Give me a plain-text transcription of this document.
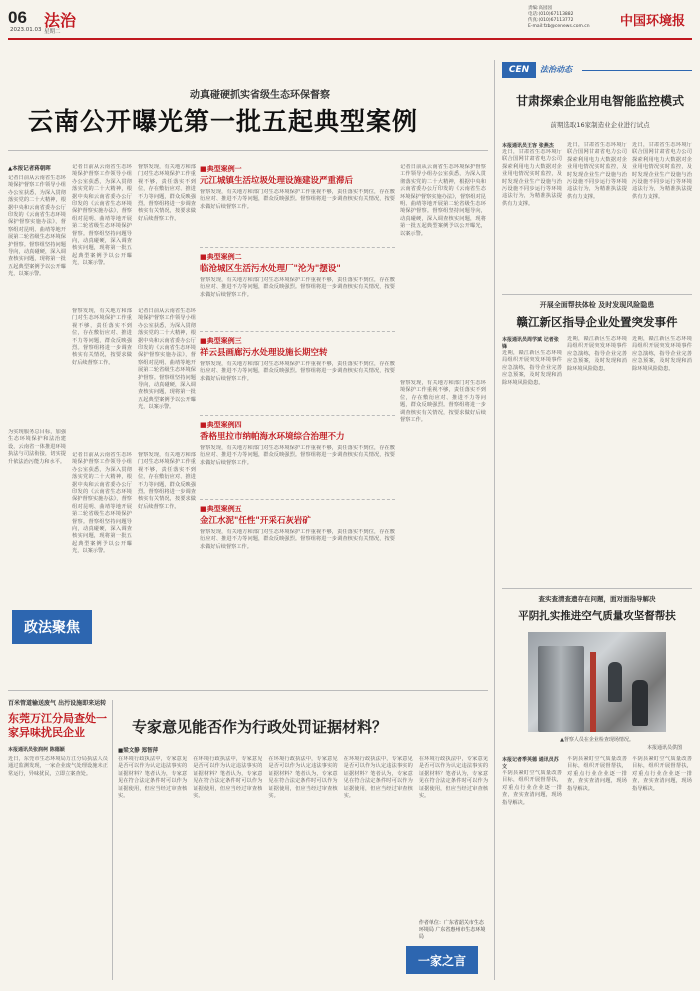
06 法治
2023.01.03 星期二
责编:高园园
电话:(010)67113882
传真:(010)67113772
E-mail:fzb@cenews.com.cn	中国环境报
动真碰硬抓实省级生态环保督察
云南公开曝光第一批五起典型案例
▲本报记者蒋朝晖
记者日前从云南省生态环境保护督察工作领导小组办公室获悉，为深入贯彻落实党的二十大精神，根据中央和云南省委办公厅印发的《云南省生态环境保护督察实施办法》，督察组对昆明、曲靖等地开展第二轮省级生态环境保护督察。督察组坚持问题导向，动真碰硬，深入调查核实问题，现将第一批五起典型案例予以公开曝光，以案示警。
为实现服务总目标，加强生态环境保护和法治建设，云南省一体推进环境执法与司法衔接，切实提升依法治污能力和水平。
记者日前从云南省生态环境保护督察工作领导小组办公室获悉，为深入贯彻落实党的二十大精神，根据中央和云南省委办公厅印发的《云南省生态环境保护督察实施办法》，督察组对昆明、曲靖等地开展第二轮省级生态环境保护督察。督察组坚持问题导向，动真碰硬，深入调查核实问题，现将第一批五起典型案例予以公开曝光，以案示警。
督察发现，有关地方和部门对生态环境保护工作重视不够，责任落实不到位，存在敷衍应对、推进不力等问题，群众反映强烈。督察组将进一步调查核实有关情况，按要求做好后续督察工作。
记者日前从云南省生态环境保护督察工作领导小组办公室获悉，为深入贯彻落实党的二十大精神，根据中央和云南省委办公厅印发的《云南省生态环境保护督察实施办法》，督察组对昆明、曲靖等地开展第二轮省级生态环境保护督察。督察组坚持问题导向，动真碰硬，深入调查核实问题，现将第一批五起典型案例予以公开曝光，以案示警。
■典型案例一
元江城镇生活垃圾处理设施建设严重滞后
督察发现，有关地方和部门对生态环境保护工作重视不够，责任落实不到位，存在敷衍应对、推进不力等问题，群众反映强烈。督察组将进一步调查核实有关情况，按要求做好后续督察工作。
■典型案例二
临沧城区生活污水处理厂"沦为"摆设"
督察发现，有关地方和部门对生态环境保护工作重视不够，责任落实不到位，存在敷衍应对、推进不力等问题，群众反映强烈。督察组将进一步调查核实有关情况，按要求做好后续督察工作。
■典型案例三
祥云县画廊污水处理设施长期空转
督察发现，有关地方和部门对生态环境保护工作重视不够，责任落实不到位，存在敷衍应对、推进不力等问题，群众反映强烈。督察组将进一步调查核实有关情况，按要求做好后续督察工作。
■典型案例四
香格里拉市纳帕海水环境综合治理不力
督察发现，有关地方和部门对生态环境保护工作重视不够，责任落实不到位，存在敷衍应对、推进不力等问题，群众反映强烈。督察组将进一步调查核实有关情况，按要求做好后续督察工作。
■典型案例五
金江水泥"任性"开采石灰岩矿
督察发现，有关地方和部门对生态环境保护工作重视不够，责任落实不到位，存在敷衍应对、推进不力等问题，群众反映强烈。督察组将进一步调查核实有关情况，按要求做好后续督察工作。
督察发现，有关地方和部门对生态环境保护工作重视不够，责任落实不到位，存在敷衍应对、推进不力等问题，群众反映强烈。督察组将进一步调查核实有关情况，按要求做好后续督察工作。
记者日前从云南省生态环境保护督察工作领导小组办公室获悉，为深入贯彻落实党的二十大精神，根据中央和云南省委办公厅印发的《云南省生态环境保护督察实施办法》，督察组对昆明、曲靖等地开展第二轮省级生态环境保护督察。督察组坚持问题导向，动真碰硬，深入调查核实问题，现将第一批五起典型案例予以公开曝光，以案示警。
督察发现，有关地方和部门对生态环境保护工作重视不够，责任落实不到位，存在敷衍应对、推进不力等问题，群众反映强烈。督察组将进一步调查核实有关情况，按要求做好后续督察工作。
记者日前从云南省生态环境保护督察工作领导小组办公室获悉，为深入贯彻落实党的二十大精神，根据中央和云南省委办公厅印发的《云南省生态环境保护督察实施办法》，督察组对昆明、曲靖等地开展第二轮省级生态环境保护督察。督察组坚持问题导向，动真碰硬，深入调查核实问题，现将第一批五起典型案例予以公开曝光，以案示警。
督察发现，有关地方和部门对生态环境保护工作重视不够，责任落实不到位，存在敷衍应对、推进不力等问题，群众反映强烈。督察组将进一步调查核实有关情况，按要求做好后续督察工作。
政法聚焦
百米管道输送废气 出污设施即来运转
东莞万江分局查处一家异味扰民企业
本报通讯员张润柯 陈德颖
近日，东莞市生态环境局万江分局执法人员通过监测发现，一家企业废气处理设施未正常运行，异味扰民，立即立案查处。
专家意见能否作为行政处罚证据材料？
■梁文静 郑智萍
在环境行政执法中，专家意见是否可以作为认定违法事实的证据材料？笔者认为，专家意见在符合法定条件时可以作为证据使用，但应当经过审查核实。
在环境行政执法中，专家意见是否可以作为认定违法事实的证据材料？笔者认为，专家意见在符合法定条件时可以作为证据使用，但应当经过审查核实。
在环境行政执法中，专家意见是否可以作为认定违法事实的证据材料？笔者认为，专家意见在符合法定条件时可以作为证据使用，但应当经过审查核实。
在环境行政执法中，专家意见是否可以作为认定违法事实的证据材料？笔者认为，专家意见在符合法定条件时可以作为证据使用，但应当经过审查核实。
在环境行政执法中，专家意见是否可以作为认定违法事实的证据材料？笔者认为，专家意见在符合法定条件时可以作为证据使用，但应当经过审查核实。
作者单位：广东省韶关市生态环境局 广东省惠州市生态环境局
一家之言
CEN	法治动态
甘肃探索企业用电智能监控模式
前期选取16家制造业企业进行试点
本报通讯员王容 张燕杰
近日，甘肃省生态环境厅联合国网甘肃省电力公司探索利用电力大数据对企业用电情况实时监控，及时发现企业生产设施与治污设施不同步运行等环境违法行为，为精准执法提供有力支撑。
近日，甘肃省生态环境厅联合国网甘肃省电力公司探索利用电力大数据对企业用电情况实时监控，及时发现企业生产设施与治污设施不同步运行等环境违法行为，为精准执法提供有力支撑。
近日，甘肃省生态环境厅联合国网甘肃省电力公司探索利用电力大数据对企业用电情况实时监控，及时发现企业生产设施与治污设施不同步运行等环境违法行为，为精准执法提供有力支撑。
开展全面帮扶体检 及时发现风险隐患
赣江新区指导企业处置突发事件
本报通讯员周学斌 记者张锋
近期，赣江新区生态环境局组织开展突发环境事件应急演练，指导企业完善应急预案，及时发现和消除环境风险隐患。
近期，赣江新区生态环境局组织开展突发环境事件应急演练，指导企业完善应急预案，及时发现和消除环境风险隐患。
近期，赣江新区生态环境局组织开展突发环境事件应急演练，指导企业完善应急预案，及时发现和消除环境风险隐患。
查实查清查遗存在问题，面对面指导解决
平阴扎实推进空气质量攻坚督帮扶
▲督察人员在企业检查现场情况。
本报通讯员供图
本报记者季英德 通讯员苏文
平阴县紧盯空气质量改善目标，组织开展督帮扶，对重点行业企业逐一排查，查实查清问题，现场指导解决。
平阴县紧盯空气质量改善目标，组织开展督帮扶，对重点行业企业逐一排查，查实查清问题，现场指导解决。
平阴县紧盯空气质量改善目标，组织开展督帮扶，对重点行业企业逐一排查，查实查清问题，现场指导解决。
